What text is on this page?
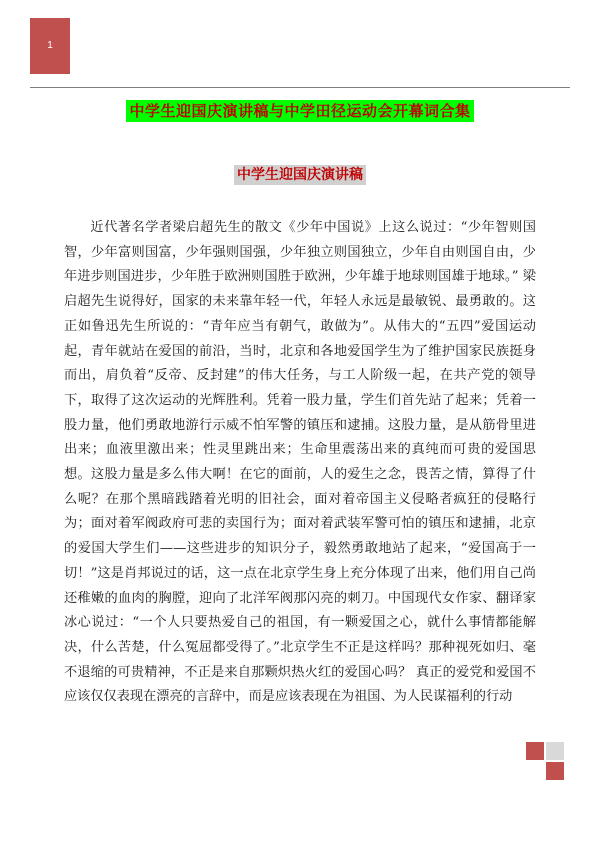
1
中学生迎国庆演讲稿与中学田径运动会开幕词合集
中学生迎国庆演讲稿

近代著名学者梁启超先生的散文《少年中国说》上这么说过：“少年智则国智，少年富则国富，少年强则国强，少年独立则国独立，少年自由则国自由，少年进步则国进步，少年胜于欧洲则国胜于欧洲，少年雄于地球则国雄于地球。” 梁启超先生说得好，国家的未来靠年轻一代，年轻人永远是最敏锐、最勇敢的。这正如鲁迅先生所说的：“青年应当有朝气，敢做为”。从伟大的“五四”爱国运动起，青年就站在爱国的前沿，当时，北京和各地爱国学生为了维护国家民族挺身而出，肩负着“反帝、反封建”的伟大任务，与工人阶级一起，在共产党的领导下，取得了这次运动的光辉胜利。凭着一股力量，学生们首先站了起来；凭着一股力量，他们勇敢地游行示威不怕军警的镇压和逮捕。这股力量，是从筋骨里进出来；血液里激出来；性灵里跳出来；生命里震荡出来的真纯而可贵的爱国思想。这股力量是多么伟大啊！在它的面前，人的爱生之念，畏苦之情，算得了什么呢？在那个黑暗践踏着光明的旧社会，面对着帝国主义侵略者疯狂的侵略行为；面对着军阀政府可悲的卖国行为；面对着武装军警可怕的镇压和逮捕，北京的爱国大学生们——这些进步的知识分子，毅然勇敢地站了起来，“爱国高于一切！”这是肖邦说过的话，这一点在北京学生身上充分体现了出来，他们用自己尚还稚嫩的血肉的胸膛，迎向了北洋军阀那闪亮的刺刀。中国现代女作家、翻译家冰心说过：“一个人只要热爱自己的祖国，有一颗爱国之心，就什么事情都能解决，什么苦楚，什么冤屈都受得了。”北京学生不正是这样吗？那种视死如归、毫不退缩的可贵精神，不正是来自那颗炽热火红的爱国心吗？ 真正的爱党和爱国不应该仅仅表现在漂亮的言辞中，而是应该表现在为祖国、为人民谋福利的行动
